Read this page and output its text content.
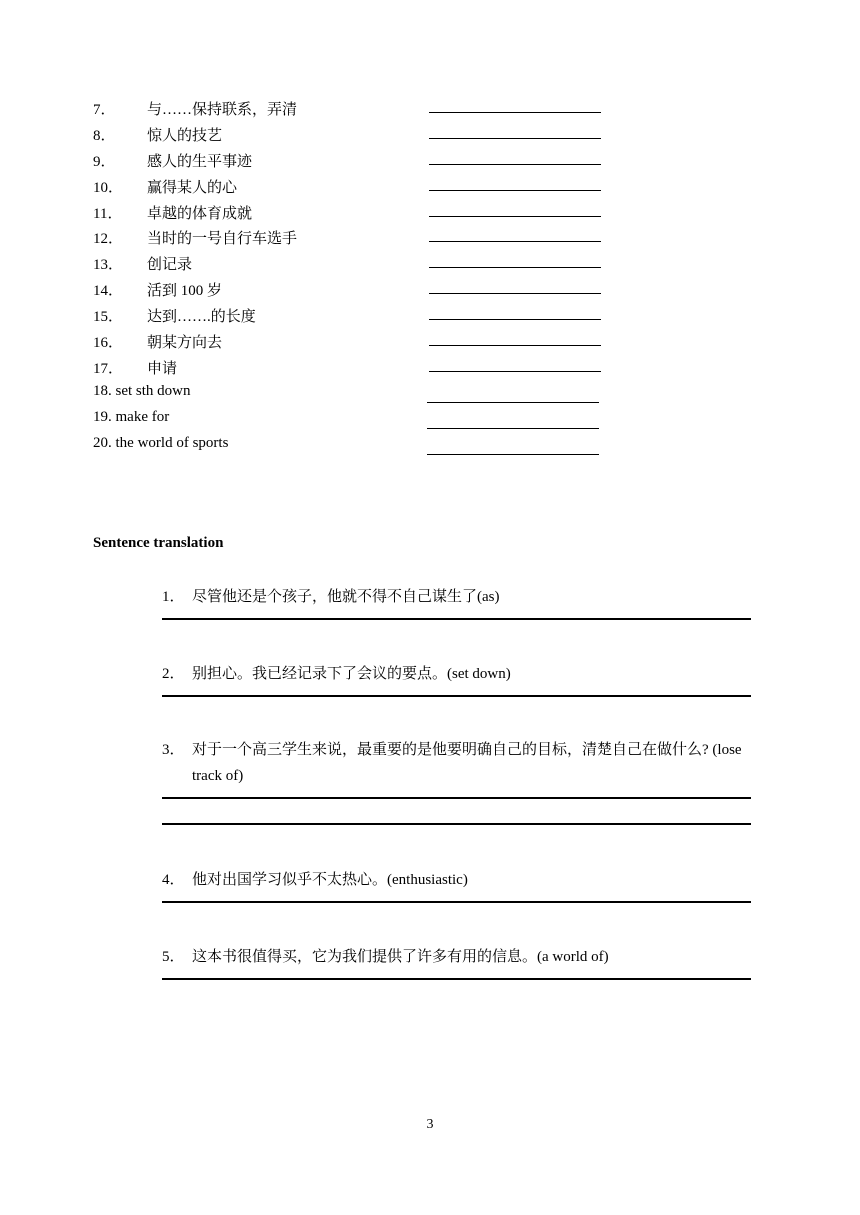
7． 与……保持联系，弄清
8． 惊人的技艺
9． 感人的生平事迹
10． 赢得某人的心
11． 卓越的体育成就
12． 当时的一号自行车选手
13． 创记录
14． 活到 100 岁
15． 达到…….的长度
16． 朝某方向去
17． 申请
18. set sth down
19. make for
20. the world of sports
Sentence translation
1． 尽管他还是个孩子，他就不得不自己谋生了(as)
2． 别担心。我已经记录下了会议的要点。(set down)
3． 对于一个高三学生来说，最重要的是他要明确自己的目标，清楚自己在做什么? (lose track of)
4． 他对出国学习似乎不太热心。(enthusiastic)
5． 这本书很值得买，它为我们提供了许多有用的信息。(a world of)
3
